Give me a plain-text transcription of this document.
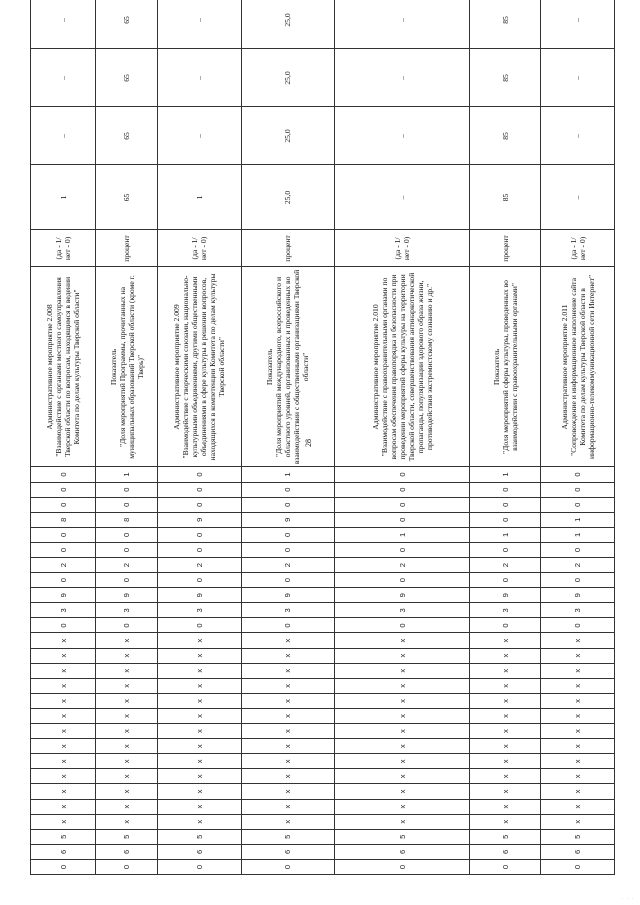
28
0	6	5	x	x	x	x	x	x	x	x	x	x	x	x	x	0	3	9	0	2	0	0	8	0	0	0	Административное мероприятие 2.008 "Взаимодействие с органами местного самоуправления Тверской области по вопросам, находящимся в ведении Комитета по делам культуры Тверской области"	(да - 1/ нет - 0)	1	–	–	–					
0	6	5	x	x	x	x	x	x	x	x	x	x	x	x	x	0	3	9	0	2	0	0	8	0	0	1	Показатель "Доля мероприятий Программы, прочитанных на муниципальных образований Тверской области (кроме г. Тверь)"	процент	65	65	65	65					
0	6	5	x	x	x	x	x	x	x	x	x	x	x	x	x	0	3	9	0	2	0	0	9	0	0	0	Административное мероприятие 2.009 "Взаимодействие с творческими союзами, национально-культурными объединениями, другими общественными объединениями в сфере культуры в решении вопросов, находящихся в компетенции Комитета по делам культуры Тверской области"	(да - 1/ нет - 0)	1	–	–	–					
0	6	5	x	x	x	x	x	x	x	x	x	x	x	x	x	0	3	9	0	2	0	0	9	0	0	1	Показатель "Доля мероприятий международного, всероссийского и областного уровней, организованных и проведенных во взаимодействии с общественными организациями Тверской области"	процент	25,0	25,0	25,0	25,0					
0	6	5	x	x	x	x	x	x	x	x	x	x	x	x	x	0	3	9	0	2	0	1	0	0	0	0	Административное мероприятие 2.010 "Взаимодействие с правоохранительными органами по вопросам обеспечения правопорядка и безопасности при проведении мероприятий сферы культуры на территории Тверской области, совершенствования антинаркотической пропаганды, популяризации здорового образа жизни, противодействия экстремистскому сознанию и др."	(да - 1/ нет - 0)	–	–	–	–					
0	6	5	x	x	x	x	x	x	x	x	x	x	x	x	x	0	3	9	0	2	0	1	0	0	0	1	Показатель "Доля мероприятий сферы культуры, проведенных во взаимодействии с правоохранительными органами"	процент	85	85	85	85					
0	6	5	x	x	x	x	x	x	x	x	x	x	x	x	x	0	3	9	0	2	0	1	1	0	0	0	Административное мероприятие 2.011 "Сопровождение и информационное наполнение сайта Комитета по делам культуры Тверской области в информационно-телекоммуникационной сети Интернет"	(да - 1/ нет - 0)	–	–	–	–					
· · ·
